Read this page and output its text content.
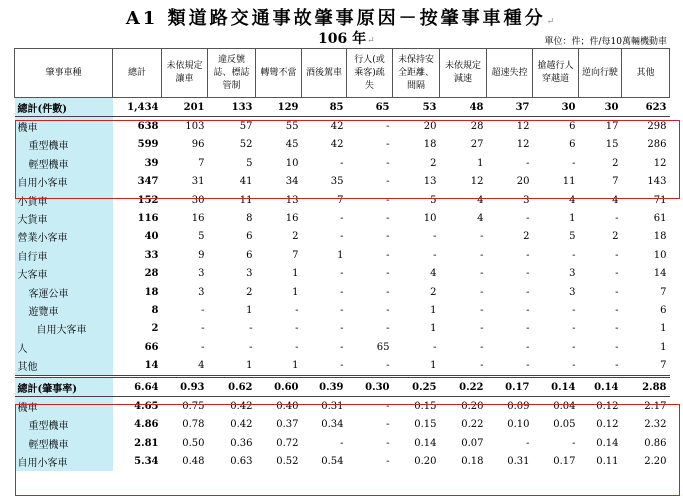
A1 類道路交通事故肇事原因－按肇事車種分↵
106 年↵	單位：件；件/每10萬輛機動車
肇事車種	總計	未依規定讓車	違反號誌、標誌管制	轉彎不當	酒後駕車	行人(或乘客)疏失	未保持安全距離、間隔	未依規定減速	超速失控	搶越行人穿越道	逆向行駛	其他
總計(件數)	1,434	201	133	129	85	65	53	48	37	30	30	623
機車	638	103	57	55	42	-	20	28	12	6	17	298
重型機車	599	96	52	45	42	-	18	27	12	6	15	286
輕型機車	39	7	5	10	-	-	2	1	-	-	2	12
自用小客車	347	31	41	34	35	-	13	12	20	11	7	143
小貨車	152	30	11	13	7	-	5	4	3	4	4	71
大貨車	116	16	8	16	-	-	10	4	-	1	-	61
營業小客車	40	5	6	2	-	-	-	-	2	5	2	18
自行車	33	9	6	7	1	-	-	-	-	-	-	10
大客車	28	3	3	1	-	-	4	-	-	3	-	14
客運公車	18	3	2	1	-	-	2	-	-	3	-	7
遊覽車	8	-	1	-	-	-	1	-	-	-	-	6
自用大客車	2	-	-	-	-	-	1	-	-	-	-	1
人	66	-	-	-	-	65	-	-	-	-	-	1
其他	14	4	1	1	-	-	1	-	-	-	-	7
總計(肇事率)	6.64	0.93	0.62	0.60	0.39	0.30	0.25	0.22	0.17	0.14	0.14	2.88
機車	4.65	0.75	0.42	0.40	0.31	-	0.15	0.20	0.09	0.04	0.12	2.17
重型機車	4.86	0.78	0.42	0.37	0.34	-	0.15	0.22	0.10	0.05	0.12	2.32
輕型機車	2.81	0.50	0.36	0.72	-	-	0.14	0.07	-	-	0.14	0.86
自用小客車	5.34	0.48	0.63	0.52	0.54	-	0.20	0.18	0.31	0.17	0.11	2.20
